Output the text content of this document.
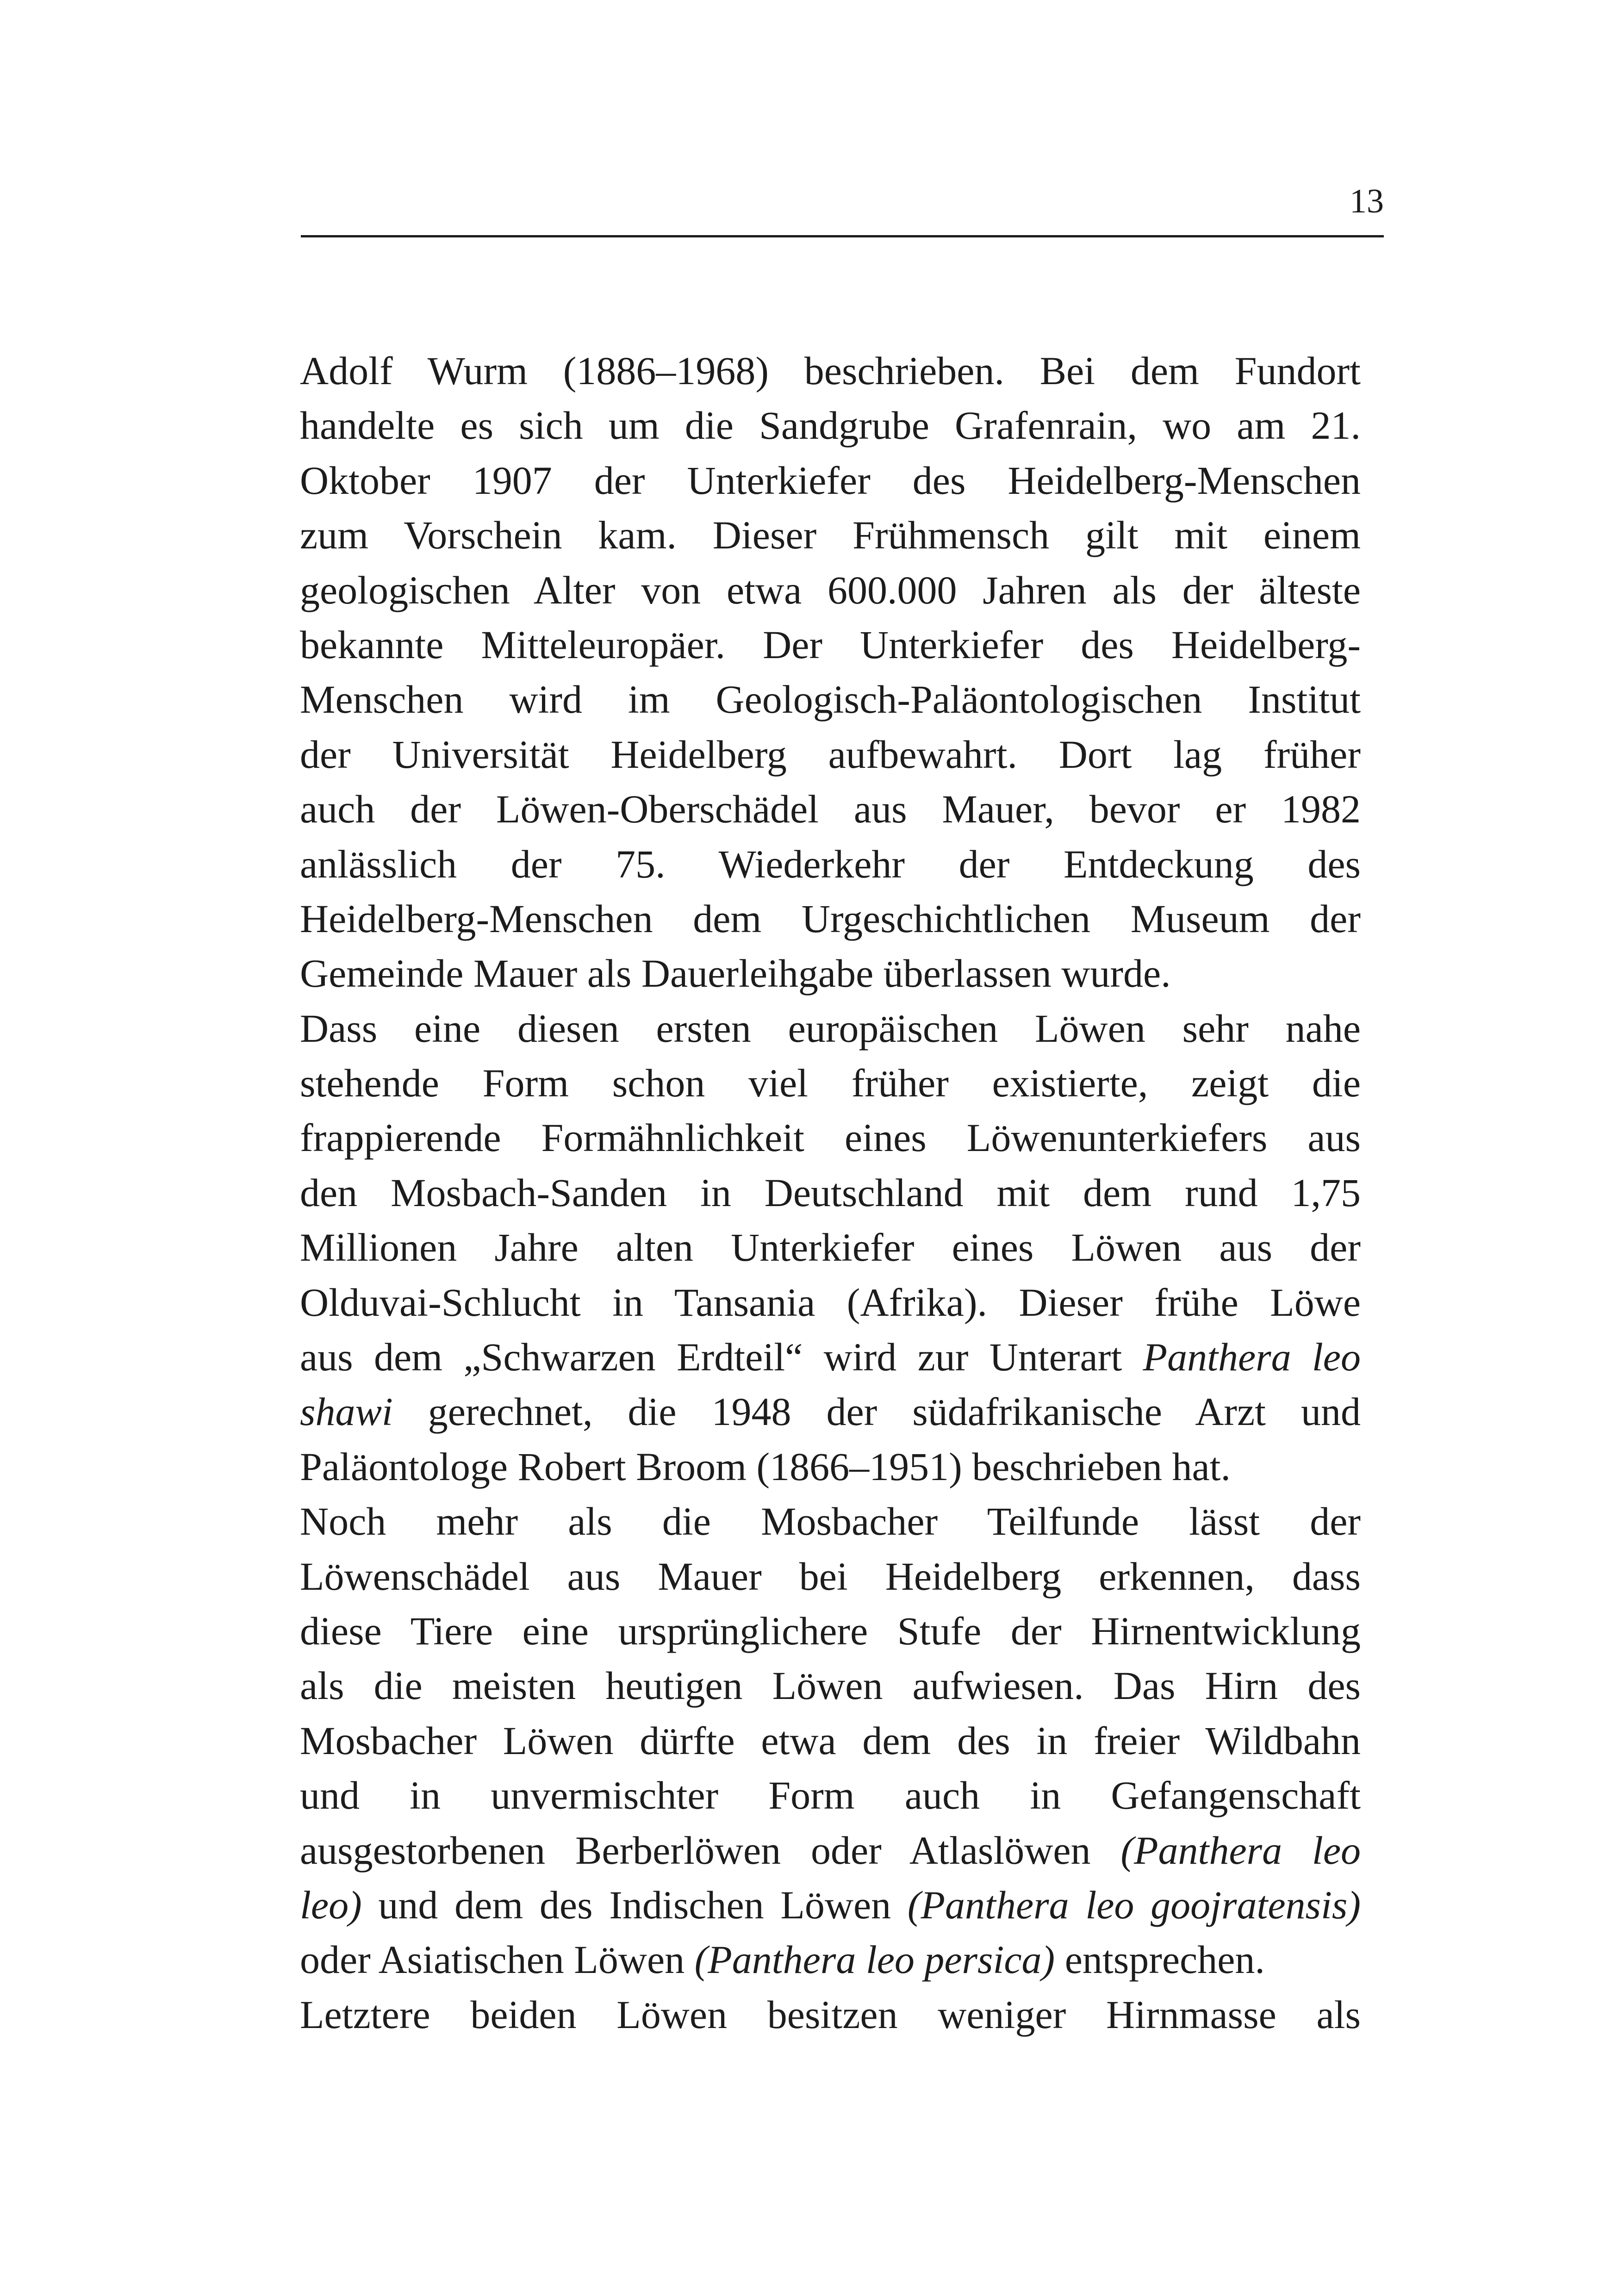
13
Adolf Wurm (1886–1968) beschrieben. Bei dem Fundort
handelte es sich um die Sandgrube Grafenrain, wo am 21.
Oktober 1907 der Unterkiefer des Heidelberg-Menschen
zum Vorschein kam. Dieser Frühmensch gilt mit einem
geologischen Alter von etwa 600.000 Jahren als der älteste
bekannte Mitteleuropäer. Der Unterkiefer des Heidelberg-
Menschen wird im Geologisch-Paläontologischen Institut
der Universität Heidelberg aufbewahrt. Dort lag früher
auch der Löwen-Oberschädel aus Mauer, bevor er 1982
anlässlich der 75. Wiederkehr der Entdeckung des
Heidelberg-Menschen dem Urgeschichtlichen Museum der
Gemeinde Mauer als Dauerleihgabe überlassen wurde.
Dass eine diesen ersten europäischen Löwen sehr nahe
stehende Form schon viel früher existierte, zeigt die
frappierende Formähnlichkeit eines Löwenunterkiefers aus
den Mosbach-Sanden in Deutschland mit dem rund 1,75
Millionen Jahre alten Unterkiefer eines Löwen aus der
Olduvai-Schlucht in Tansania (Afrika). Dieser frühe Löwe
aus dem „Schwarzen Erdteil“ wird zur Unterart Panthera leo
shawi gerechnet, die 1948 der südafrikanische Arzt und
Paläontologe Robert Broom (1866–1951) beschrieben hat.
Noch mehr als die Mosbacher Teilfunde lässt der
Löwenschädel aus Mauer bei Heidelberg erkennen, dass
diese Tiere eine ursprünglichere Stufe der Hirnentwicklung
als die meisten heutigen Löwen aufwiesen. Das Hirn des
Mosbacher Löwen dürfte etwa dem des in freier Wildbahn
und in unvermischter Form auch in Gefangenschaft
ausgestorbenen Berberlöwen oder Atlaslöwen (Panthera leo
leo) und dem des Indischen Löwen (Panthera leo goojratensis)
oder Asiatischen Löwen (Panthera leo persica) entsprechen.
Letztere beiden Löwen besitzen weniger Hirnmasse als
